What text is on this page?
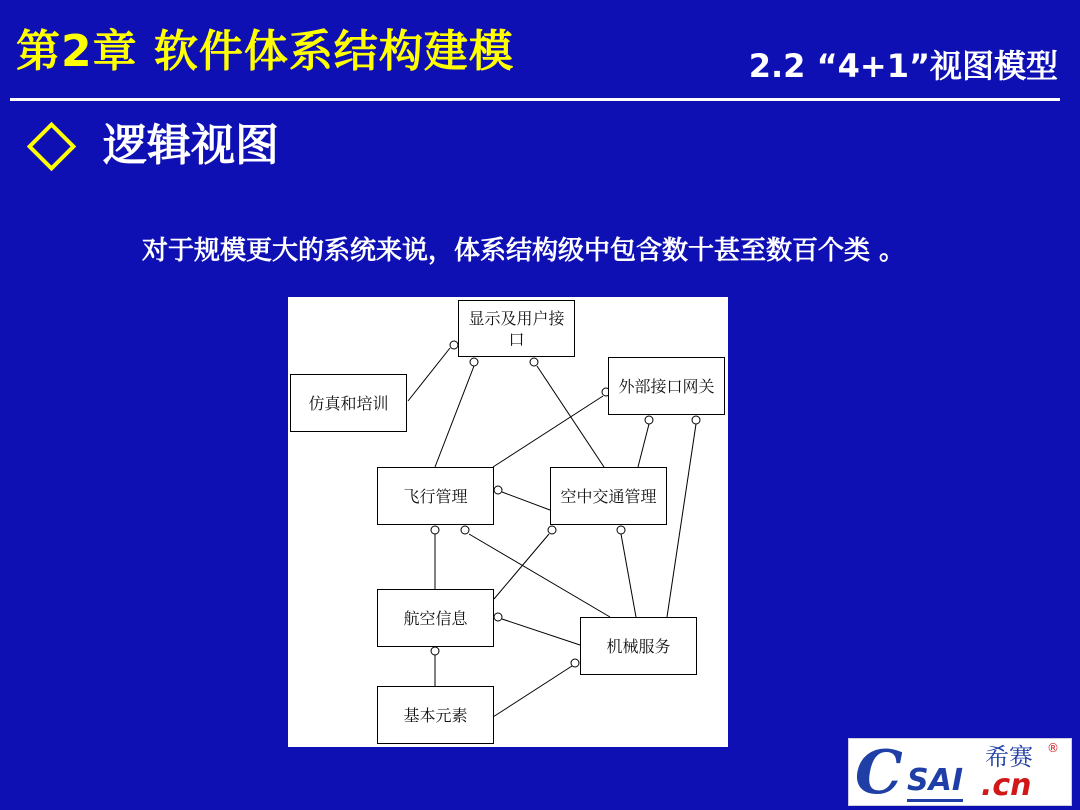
第2章 软件体系结构建模	2.2 “4+1”视图模型
逻辑视图
对于规模更大的系统来说，体系结构级中包含数十甚至数百个类 。
显示及用户接口
仿真和培训
外部接口网关
飞行管理	空中交通管理
航空信息
机械服务
基本元素
C SAI .cn
希赛 ®
